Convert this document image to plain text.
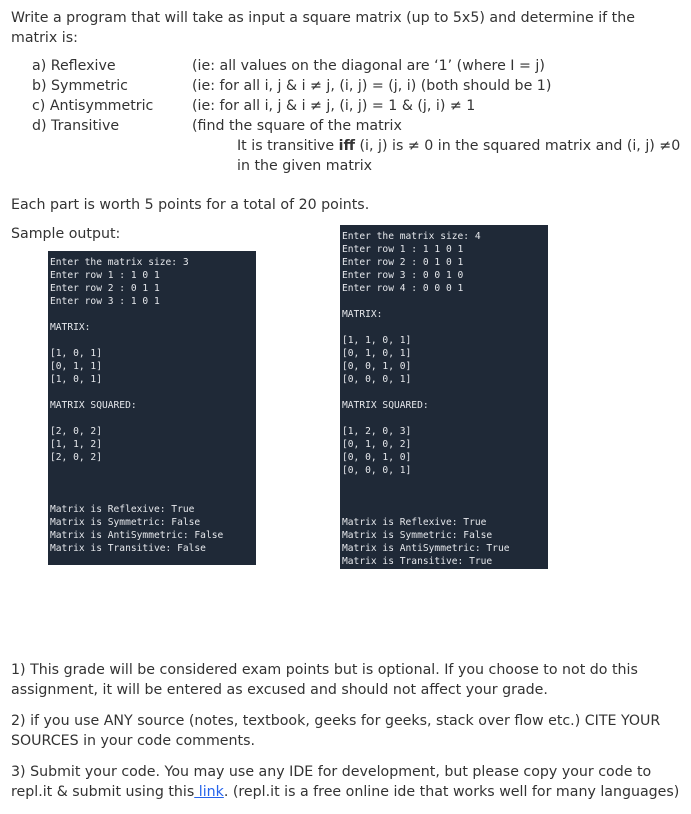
Write a program that will take as input a square matrix (up to 5x5) and determine if the matrix is:
a) Reflexive	(ie: all values on the diagonal are ‘1’ (where I = j)
b) Symmetric	(ie: for all i, j & i ≠ j, (i, j) = (j, i) (both should be 1)
c) Antisymmetric	(ie: for all i, j & i ≠ j, (i, j) = 1 & (j, i) ≠ 1
d) Transitive	(find the square of the matrix
It is transitive iff (i, j) is ≠ 0 in the squared matrix and (i, j) ≠0 in the given matrix
Each part is worth 5 points for a total of 20 points.
Sample output:
Enter the matrix size: 3
Enter row 1 : 1 0 1
Enter row 2 : 0 1 1
Enter row 3 : 1 0 1
MATRIX:
[1, 0, 1]
[0, 1, 1]
[1, 0, 1]
MATRIX SQUARED:
[2, 0, 2]
[1, 1, 2]
[2, 0, 2]
Matrix is Reflexive: True
Matrix is Symmetric: False
Matrix is AntiSymmetric: False
Matrix is Transitive: False
Enter the matrix size: 4
Enter row 1 : 1 1 0 1
Enter row 2 : 0 1 0 1
Enter row 3 : 0 0 1 0
Enter row 4 : 0 0 0 1
MATRIX:
[1, 1, 0, 1]
[0, 1, 0, 1]
[0, 0, 1, 0]
[0, 0, 0, 1]
MATRIX SQUARED:
[1, 2, 0, 3]
[0, 1, 0, 2]
[0, 0, 1, 0]
[0, 0, 0, 1]
Matrix is Reflexive: True
Matrix is Symmetric: False
Matrix is AntiSymmetric: True
Matrix is Transitive: True
1) This grade will be considered exam points but is optional. If you choose to not do this assignment, it will be entered as excused and should not affect your grade.
2) if you use ANY source (notes, textbook, geeks for geeks, stack over flow etc.) CITE YOUR SOURCES in your code comments.
3) Submit your code. You may use any IDE for development, but please copy your code to repl.it & submit using this link. (repl.it is a free online ide that works well for many languages)
